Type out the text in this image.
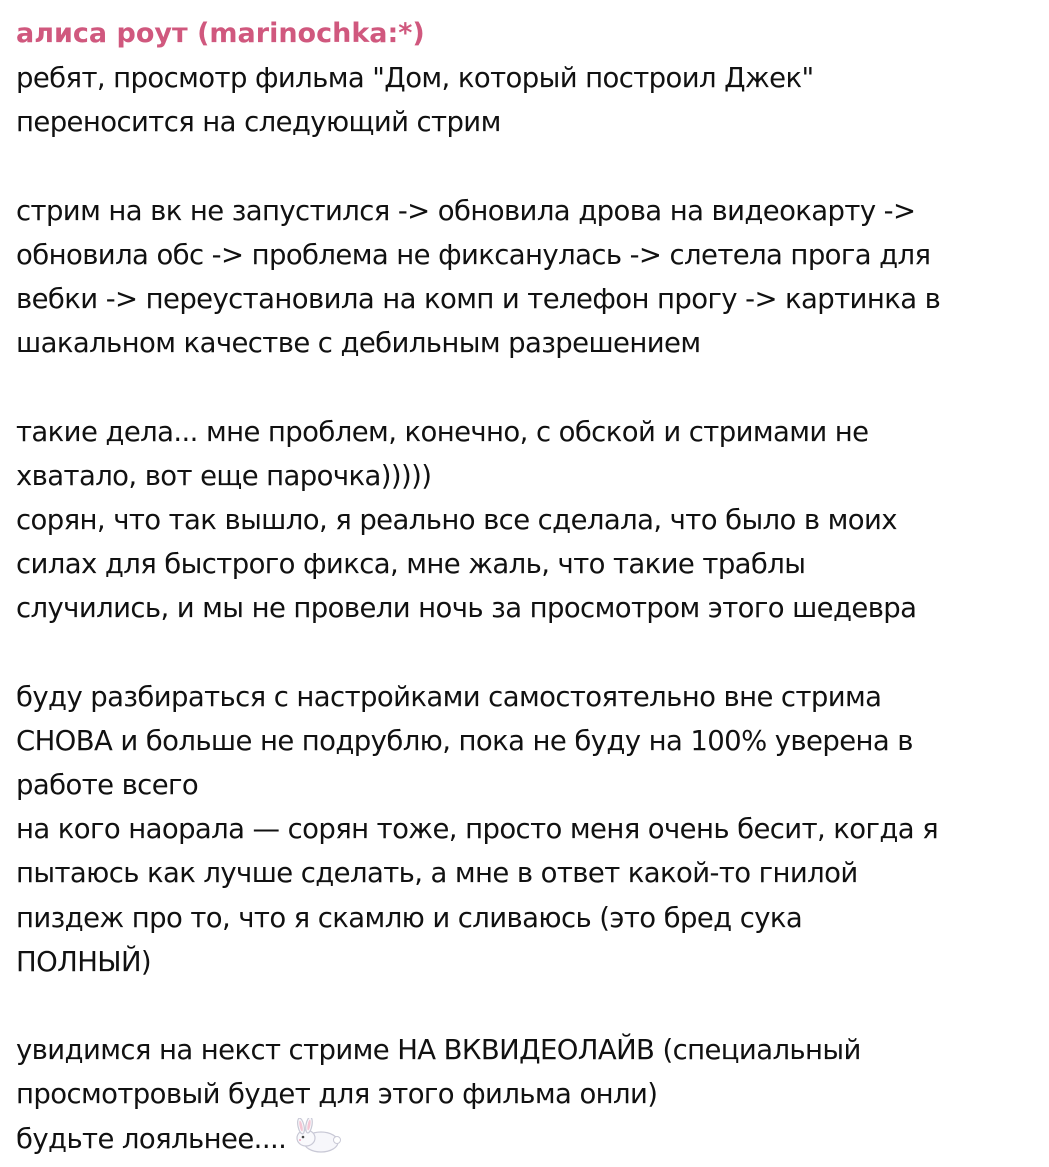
алиса роут (marinochka:*)
ребят, просмотр фильма "Дом, который построил Джек"
переносится на следующий стрим
стрим на вк не запустился -> обновила дрова на видеокарту ->
обновила обс -> проблема не фиксанулась -> слетела прога для
вебки -> переустановила на комп и телефон прогу -> картинка в
шакальном качестве с дебильным разрешением
такие дела... мне проблем, конечно, с обской и стримами не
хватало, вот еще парочка)))))
сорян, что так вышло, я реально все сделала, что было в моих
силах для быстрого фикса, мне жаль, что такие траблы
случились, и мы не провели ночь за просмотром этого шедевра
буду разбираться с настройками самостоятельно вне стрима
СНОВА и больше не подрублю, пока не буду на 100% уверена в
работе всего
на кого наорала — сорян тоже, просто меня очень бесит, когда я
пытаюсь как лучше сделать, а мне в ответ какой-то гнилой
пиздеж про то, что я скамлю и сливаюсь (это бред сука
ПОЛНЫЙ)
увидимся на некст стриме НА ВКВИДЕОЛАЙВ (специальный
просмотровый будет для этого фильма онли)
будьте лояльнее....
